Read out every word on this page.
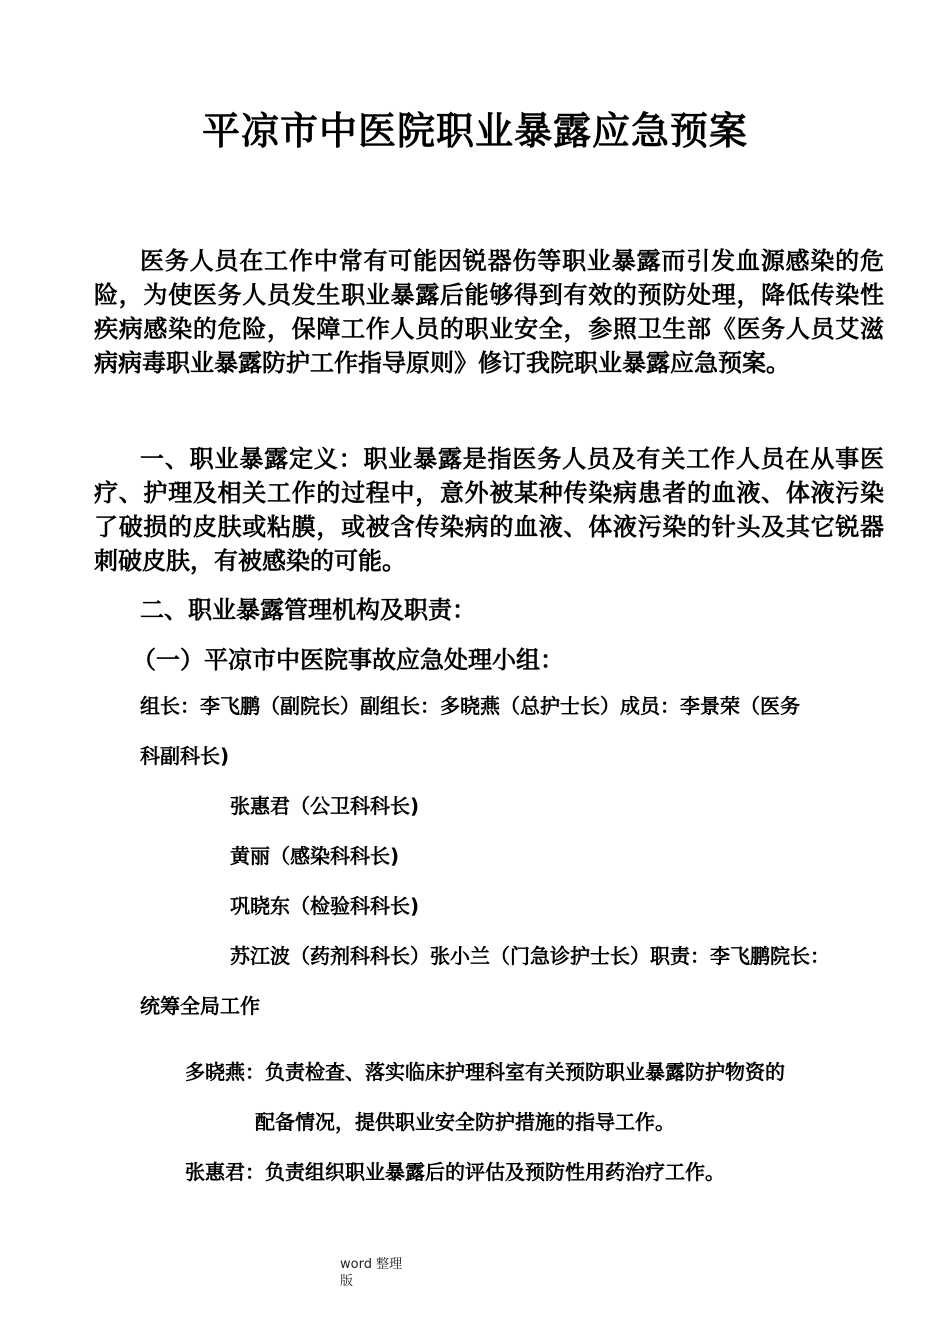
平凉市中医院职业暴露应急预案

医务人员在工作中常有可能因锐器伤等职业暴露而引发血源感染的危险，为使医务人员发生职业暴露后能够得到有效的预防处理，降低传染性疾病感染的危险，保障工作人员的职业安全，参照卫生部《医务人员艾滋病病毒职业暴露防护工作指导原则》修订我院职业暴露应急预案。

一、职业暴露定义：职业暴露是指医务人员及有关工作人员在从事医疗、护理及相关工作的过程中，意外被某种传染病患者的血液、体液污染了破损的皮肤或粘膜，或被含传染病的血液、体液污染的针头及其它锐器刺破皮肤，有被感染的可能。

二、职业暴露管理机构及职责：
（一）平凉市中医院事故应急处理小组：
组长：李飞鹏（副院长）副组长：多晓燕（总护士长）成员：李景荣（医务
科副科长)
张惠君（公卫科科长)
黄丽（感染科科长)
巩晓东（检验科科长)
苏江波（药剂科科长）张小兰（门急诊护士长）职责：李飞鹏院长：
统筹全局工作
多晓燕：负责检查、落实临床护理科室有关预防职业暴露防护物资的
配备情况，提供职业安全防护措施的指导工作。
张惠君：负责组织职业暴露后的评估及预防性用药治疗工作。
word 整理版
